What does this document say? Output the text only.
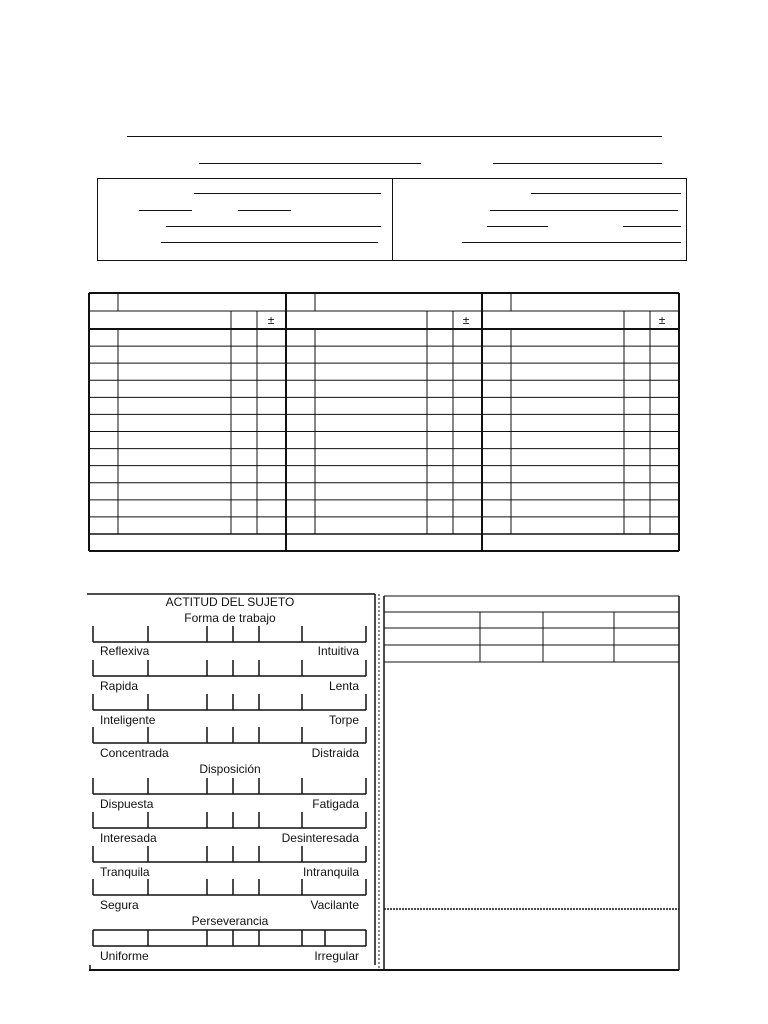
±	±	±
ACTITUD DEL SUJETO
Forma de trabajo
Reflexiva	Intuitiva
Rapida	Lenta
Inteligente	Torpe
Concentrada	Distraida
Disposición
Dispuesta	Fatigada
Interesada	Desinteresada
Tranquila	Intranquila
Segura	Vacilante
Perseverancia
Uniforme	Irregular
